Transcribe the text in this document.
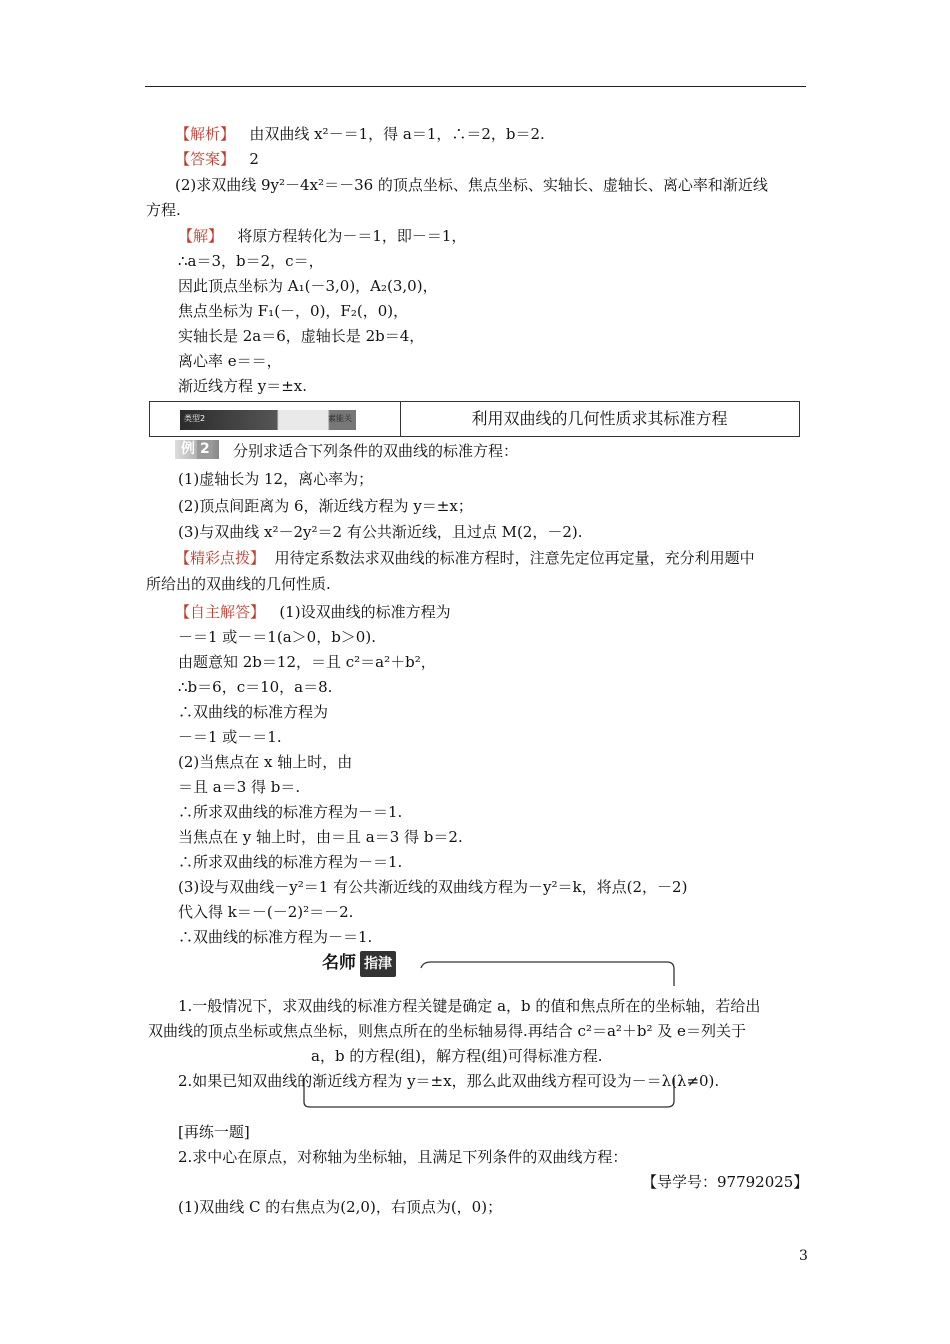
【解析】 由双曲线 x²－＝1，得 a＝1，∴＝2，b＝2.
【答案】 2
(2)求双曲线 9y²－4x²＝－36 的顶点坐标、焦点坐标、实轴长、虚轴长、离心率和渐近线
方程.
【解】 将原方程转化为－＝1，即－＝1，
∴a＝3，b＝2，c＝，
因此顶点坐标为 A₁(－3,0)，A₂(3,0)，
焦点坐标为 F₁(－，0)，F₂(，0)，
实轴长是 2a＝6，虚轴长是 2b＝4，
离心率 e＝＝，
渐近线方程 y＝±x.
类型2	素能关	利用双曲线的几何性质求其标准方程
例 2	分别求适合下列条件的双曲线的标准方程：
(1)虚轴长为 12，离心率为；
(2)顶点间距离为 6，渐近线方程为 y＝±x；
(3)与双曲线 x²－2y²＝2 有公共渐近线，且过点 M(2，－2).
【精彩点拨】 用待定系数法求双曲线的标准方程时，注意先定位再定量，充分利用题中
所给出的双曲线的几何性质.
【自主解答】 (1)设双曲线的标准方程为
－＝1 或－＝1(a＞0，b＞0).
由题意知 2b＝12，＝且 c²＝a²＋b²，
∴b＝6，c＝10，a＝8.
∴双曲线的标准方程为
－＝1 或－＝1.
(2)当焦点在 x 轴上时，由
＝且 a＝3 得 b＝.
∴所求双曲线的标准方程为－＝1.
当焦点在 y 轴上时，由＝且 a＝3 得 b＝2.
∴所求双曲线的标准方程为－＝1.
(3)设与双曲线－y²＝1 有公共渐近线的双曲线方程为－y²＝k，将点(2，－2)
代入得 k＝－(－2)²＝－2.
∴双曲线的标准方程为－＝1.
名师 指津
1.一般情况下，求双曲线的标准方程关键是确定 a，b 的值和焦点所在的坐标轴，若给出
双曲线的顶点坐标或焦点坐标，则焦点所在的坐标轴易得.再结合 c²＝a²＋b² 及 e＝列关于
a，b 的方程(组)，解方程(组)可得标准方程.
2.如果已知双曲线的渐近线方程为 y＝±x，那么此双曲线方程可设为－＝λ(λ≠0).
[再练一题]
2.求中心在原点，对称轴为坐标轴，且满足下列条件的双曲线方程：
【导学号：97792025】
(1)双曲线 C 的右焦点为(2,0)，右顶点为(，0)；
3
